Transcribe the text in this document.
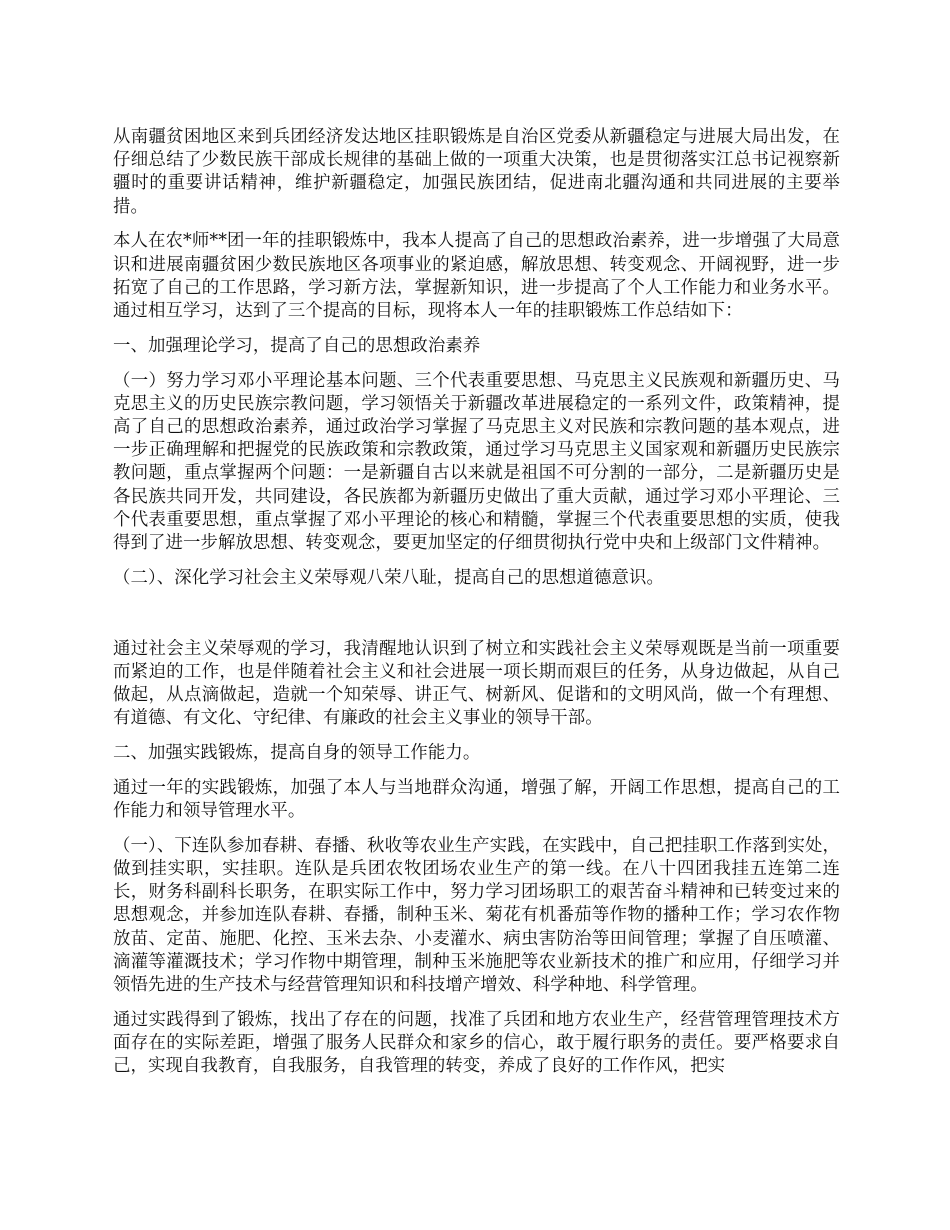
从南疆贫困地区来到兵团经济发达地区挂职锻炼是自治区党委从新疆稳定与进展大局出发，在仔细总结了少数民族干部成长规律的基础上做的一项重大决策，也是贯彻落实江总书记视察新疆时的重要讲话精神，维护新疆稳定，加强民族团结，促进南北疆沟通和共同进展的主要举措。

本人在农*师**团一年的挂职锻炼中，我本人提高了自己的思想政治素养，进一步增强了大局意识和进展南疆贫困少数民族地区各项事业的紧迫感，解放思想、转变观念、开阔视野，进一步拓宽了自己的工作思路，学习新方法，掌握新知识，进一步提高了个人工作能力和业务水平。通过相互学习，达到了三个提高的目标，现将本人一年的挂职锻炼工作总结如下：

一、加强理论学习，提高了自己的思想政治素养

（一）努力学习邓小平理论基本问题、三个代表重要思想、马克思主义民族观和新疆历史、马克思主义的历史民族宗教问题，学习领悟关于新疆改革进展稳定的一系列文件，政策精神，提高了自己的思想政治素养，通过政治学习掌握了马克思主义对民族和宗教问题的基本观点，进一步正确理解和把握党的民族政策和宗教政策，通过学习马克思主义国家观和新疆历史民族宗教问题，重点掌握两个问题：一是新疆自古以来就是祖国不可分割的一部分，二是新疆历史是各民族共同开发，共同建设，各民族都为新疆历史做出了重大贡献，通过学习邓小平理论、三个代表重要思想，重点掌握了邓小平理论的核心和精髓，掌握三个代表重要思想的实质，使我得到了进一步解放思想、转变观念，要更加坚定的仔细贯彻执行党中央和上级部门文件精神。

（二）、深化学习社会主义荣辱观八荣八耻，提高自己的思想道德意识。

通过社会主义荣辱观的学习，我清醒地认识到了树立和实践社会主义荣辱观既是当前一项重要而紧迫的工作，也是伴随着社会主义和社会进展一项长期而艰巨的任务，从身边做起，从自己做起，从点滴做起，造就一个知荣辱、讲正气、树新风、促谐和的文明风尚，做一个有理想、有道德、有文化、守纪律、有廉政的社会主义事业的领导干部。

二、加强实践锻炼，提高自身的领导工作能力。

通过一年的实践锻炼，加强了本人与当地群众沟通，增强了解，开阔工作思想，提高自己的工作能力和领导管理水平。

（一）、下连队参加春耕、春播、秋收等农业生产实践，在实践中，自己把挂职工作落到实处，做到挂实职，实挂职。连队是兵团农牧团场农业生产的第一线。在八十四团我挂五连第二连长，财务科副科长职务，在职实际工作中，努力学习团场职工的艰苦奋斗精神和已转变过来的思想观念，并参加连队春耕、春播，制种玉米、菊花有机番茄等作物的播种工作；学习农作物放苗、定苗、施肥、化控、玉米去杂、小麦灌水、病虫害防治等田间管理；掌握了自压喷灌、滴灌等灌溉技术；学习作物中期管理，制种玉米施肥等农业新技术的推广和应用，仔细学习并领悟先进的生产技术与经营管理知识和科技增产增效、科学种地、科学管理。

通过实践得到了锻炼，找出了存在的问题，找准了兵团和地方农业生产，经营管理管理技术方面存在的实际差距，增强了服务人民群众和家乡的信心，敢于履行职务的责任。要严格要求自己，实现自我教育，自我服务，自我管理的转变，养成了良好的工作作风，把实
